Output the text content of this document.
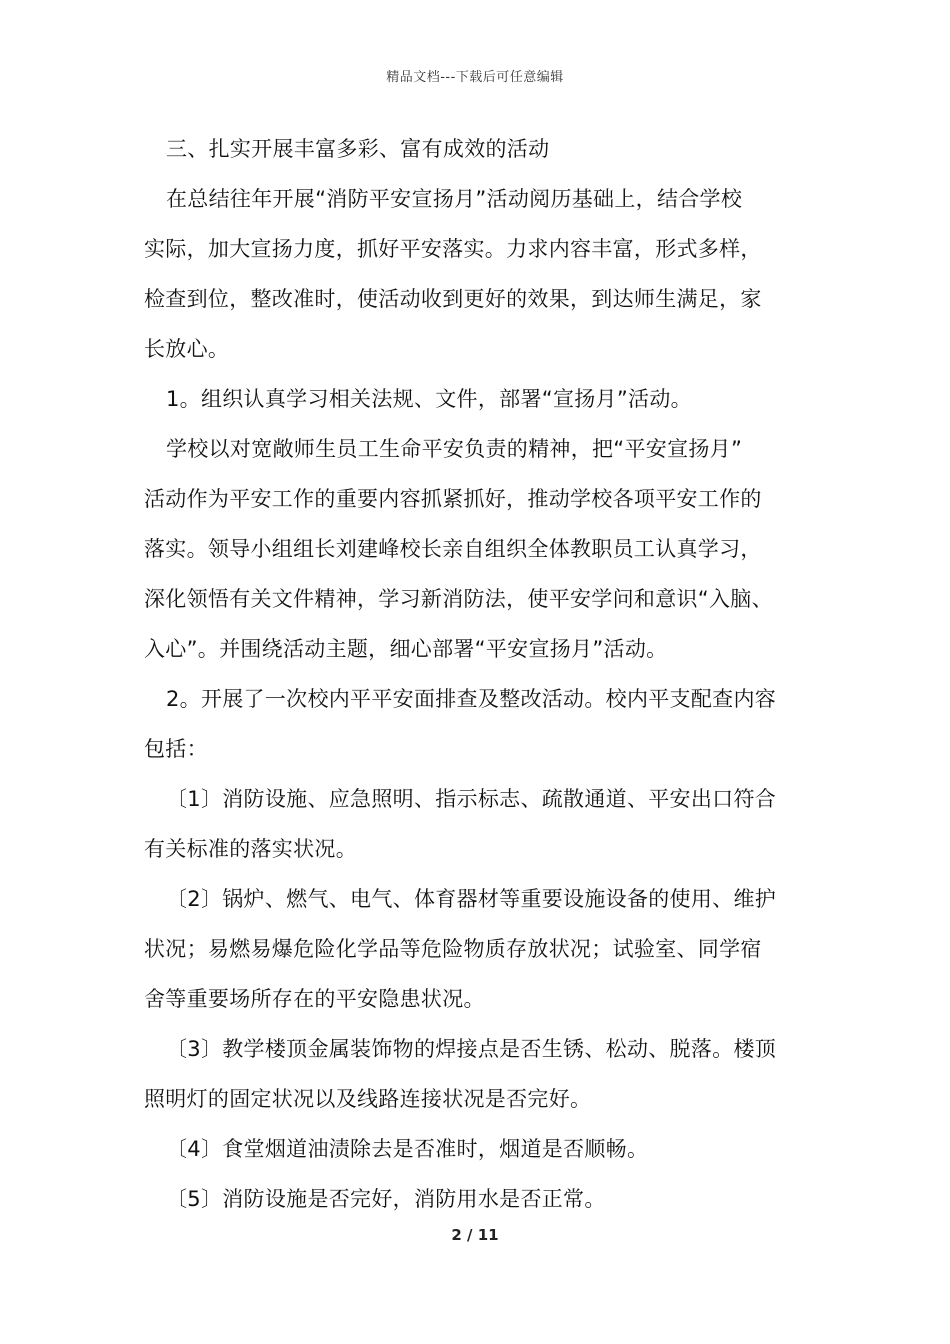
精品文档---下载后可任意编辑

三、扎实开展丰富多彩、富有成效的活动

在总结往年开展“消防平安宣扬月”活动阅历基础上，结合学校

实际，加大宣扬力度，抓好平安落实。力求内容丰富，形式多样，

检查到位，整改准时，使活动收到更好的效果，到达师生满足，家

长放心。

1。组织认真学习相关法规、文件，部署“宣扬月”活动。

学校以对宽敞师生员工生命平安负责的精神，把“平安宣扬月”

活动作为平安工作的重要内容抓紧抓好，推动学校各项平安工作的

落实。领导小组组长刘建峰校长亲自组织全体教职员工认真学习，

深化领悟有关文件精神，学习新消防法，使平安学问和意识“入脑、

入心”。并围绕活动主题，细心部署“平安宣扬月”活动。

2。开展了一次校内平平安面排查及整改活动。校内平支配查内容

包括：

〔1〕消防设施、应急照明、指示标志、疏散通道、平安出口符合

有关标准的落实状况。

〔2〕锅炉、燃气、电气、体育器材等重要设施设备的使用、维护

状况；易燃易爆危险化学品等危险物质存放状况；试验室、同学宿

舍等重要场所存在的平安隐患状况。

〔3〕教学楼顶金属装饰物的焊接点是否生锈、松动、脱落。楼顶

照明灯的固定状况以及线路连接状况是否完好。

〔4〕食堂烟道油渍除去是否准时，烟道是否顺畅。

〔5〕消防设施是否完好，消防用水是否正常。

2 / 11
